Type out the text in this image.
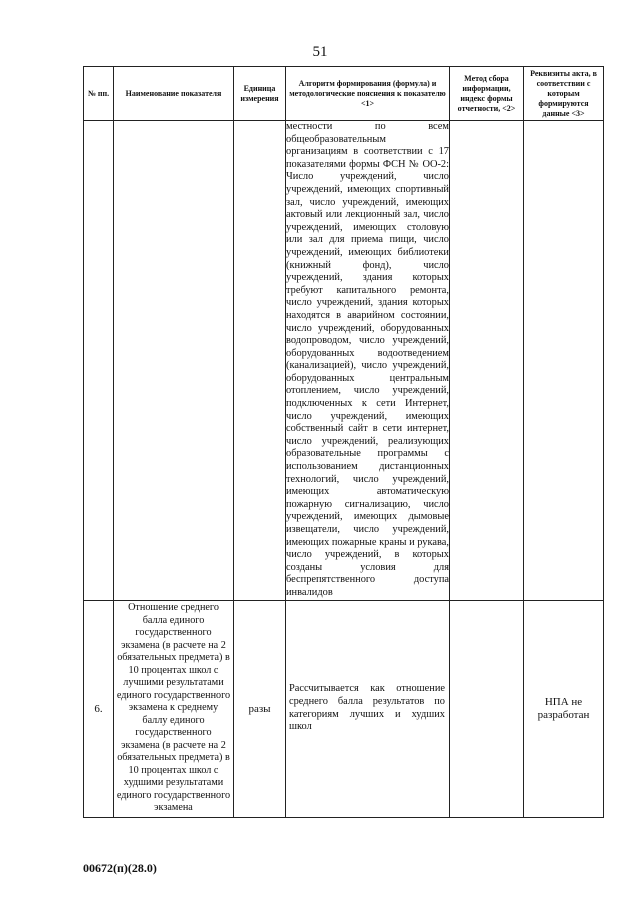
51
№ пп.	Наименование показателя	Единица измерения	Алгоритм формирования (формула) и методологические пояснения к показателю <1>	Метод сбора информации, индекс формы отчетности, <2>	Реквизиты акта, в соответствии с которым формируются данные <3>
			местности по всем общеобразовательным организациям в соответствии с 17 показателями формы ФСН № ОО-2: Число учреждений, число учреждений, имеющих спортивный зал, число учреждений, имеющих актовый или лекционный зал, число учреждений, имеющих столовую или зал для приема пищи, число учреждений, имеющих библиотеки (книжный фонд), число учреждений, здания которых требуют капитального ремонта, число учреждений, здания которых находятся в аварийном состоянии, число учреждений, оборудованных водопроводом, число учреждений, оборудованных водоотведением (канализацией), число учреждений, оборудованных центральным отоплением, число учреждений, подключенных к сети Интернет, число учреждений, имеющих собственный сайт в сети интернет, число учреждений, реализующих образовательные программы с использованием дистанционных технологий, число учреждений, имеющих автоматическую пожарную сигнализацию, число учреждений, имеющих дымовые извещатели, число учреждений, имеющих пожарные краны и рукава, число учреждений, в которых созданы условия для беспрепятственного доступа инвалидов		
6.	Отношение среднего балла единого государственного экзамена (в расчете на 2 обязательных предмета) в 10 процентах школ с лучшими результатами единого государственного экзамена к среднему баллу единого государственного экзамена (в расчете на 2 обязательных предмета) в 10 процентах школ с худшими результатами единого государственного экзамена	разы	Рассчитывается как отношение среднего балла результатов по категориям лучших и худших школ		НПА не разработан
00672(п)(28.0)
